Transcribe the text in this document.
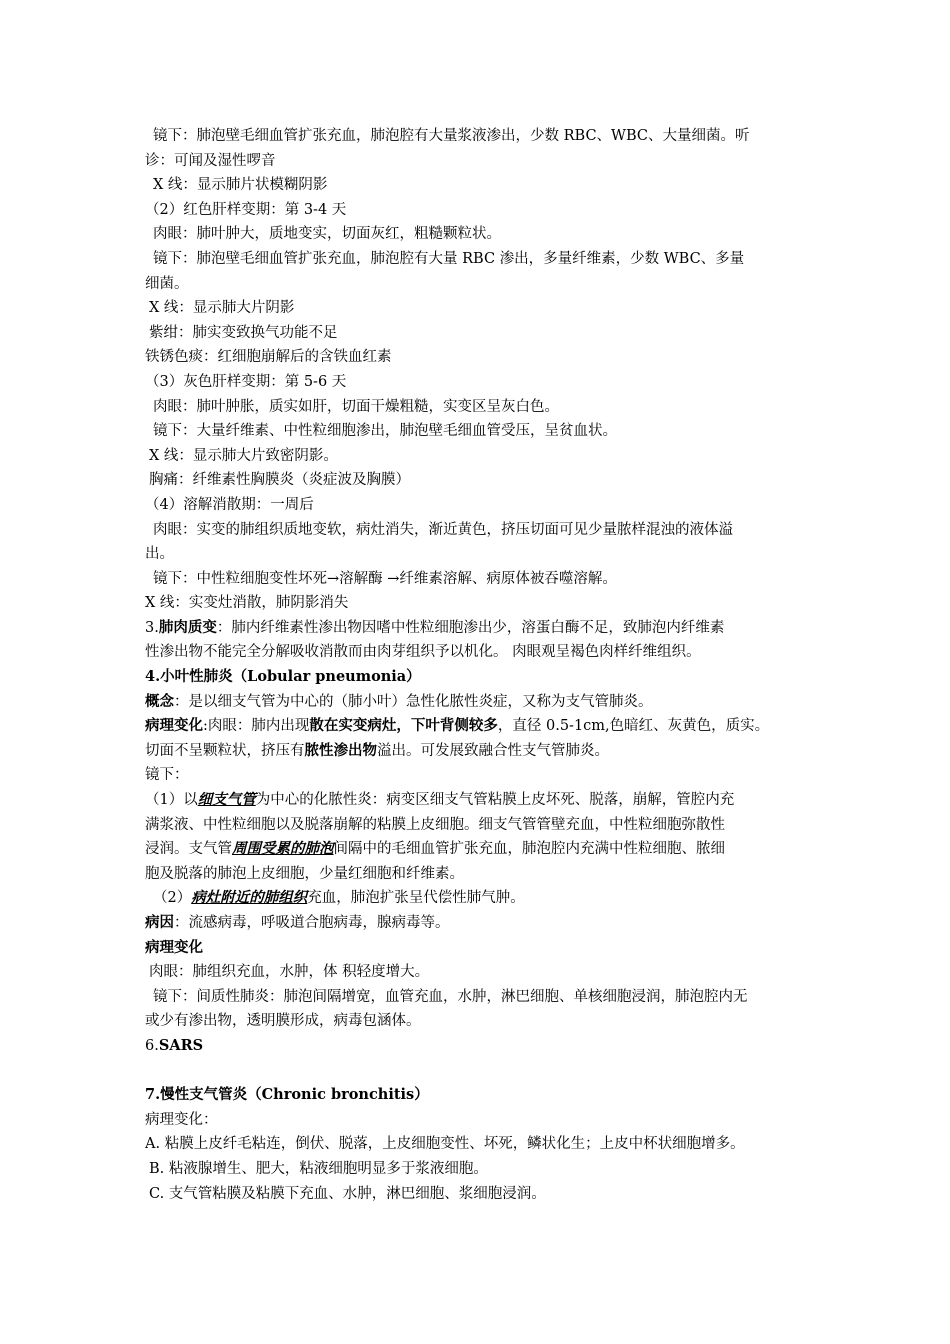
镜下：肺泡壁毛细血管扩张充血，肺泡腔有大量浆液渗出，少数 RBC、WBC、大量细菌。听
诊：可闻及湿性啰音
X 线：显示肺片状模糊阴影
（2）红色肝样变期：第 3-4 天
肉眼：肺叶肿大，质地变实，切面灰红，粗糙颗粒状。
镜下：肺泡壁毛细血管扩张充血，肺泡腔有大量 RBC 渗出，多量纤维素，少数 WBC、多量
细菌。
X 线：显示肺大片阴影
紫绀：肺实变致换气功能不足
铁锈色痰：红细胞崩解后的含铁血红素
（3）灰色肝样变期：第 5-6 天
肉眼：肺叶肿胀，质实如肝，切面干燥粗糙，实变区呈灰白色。
镜下：大量纤维素、中性粒细胞渗出，肺泡壁毛细血管受压，呈贫血状。
X 线：显示肺大片致密阴影。
胸痛：纤维素性胸膜炎（炎症波及胸膜）
（4）溶解消散期：一周后
肉眼：实变的肺组织质地变软，病灶消失，渐近黄色，挤压切面可见少量脓样混浊的液体溢
出。
镜下：中性粒细胞变性坏死→溶解酶 →纤维素溶解、病原体被吞噬溶解。
X 线：实变灶消散，肺阴影消失
3.肺肉质变：肺内纤维素性渗出物因嗜中性粒细胞渗出少，溶蛋白酶不足，致肺泡内纤维素
性渗出物不能完全分解吸收消散而由肉芽组织予以机化。 肉眼观呈褐色肉样纤维组织。
4.小叶性肺炎（Lobular pneumonia）
概念：是以细支气管为中心的（肺小叶）急性化脓性炎症，又称为支气管肺炎。
病理变化:肉眼：肺内出现散在实变病灶，下叶背侧较多，直径 0.5-1cm,色暗红、灰黄色，质实。
切面不呈颗粒状，挤压有脓性渗出物溢出。可发展致融合性支气管肺炎。
镜下：
（1）以细支气管为中心的化脓性炎：病变区细支气管粘膜上皮坏死、脱落，崩解，管腔内充
满浆液、中性粒细胞以及脱落崩解的粘膜上皮细胞。细支气管管壁充血，中性粒细胞弥散性
浸润。支气管周围受累的肺泡间隔中的毛细血管扩张充血，肺泡腔内充满中性粒细胞、脓细
胞及脱落的肺泡上皮细胞，少量红细胞和纤维素。
（2）病灶附近的肺组织充血，肺泡扩张呈代偿性肺气肿。
病因：流感病毒，呼吸道合胞病毒，腺病毒等。
病理变化
肉眼：肺组织充血，水肿，体 积轻度增大。
镜下：间质性肺炎：肺泡间隔增宽，血管充血，水肿，淋巴细胞、单核细胞浸润，肺泡腔内无
或少有渗出物，透明膜形成，病毒包涵体。
6.SARS
7.慢性支气管炎（Chronic bronchitis）
病理变化：
A. 粘膜上皮纤毛粘连，倒伏、脱落，上皮细胞变性、坏死，鳞状化生；上皮中杯状细胞增多。
B. 粘液腺增生、肥大，粘液细胞明显多于浆液细胞。
C. 支气管粘膜及粘膜下充血、水肿，淋巴细胞、浆细胞浸润。
